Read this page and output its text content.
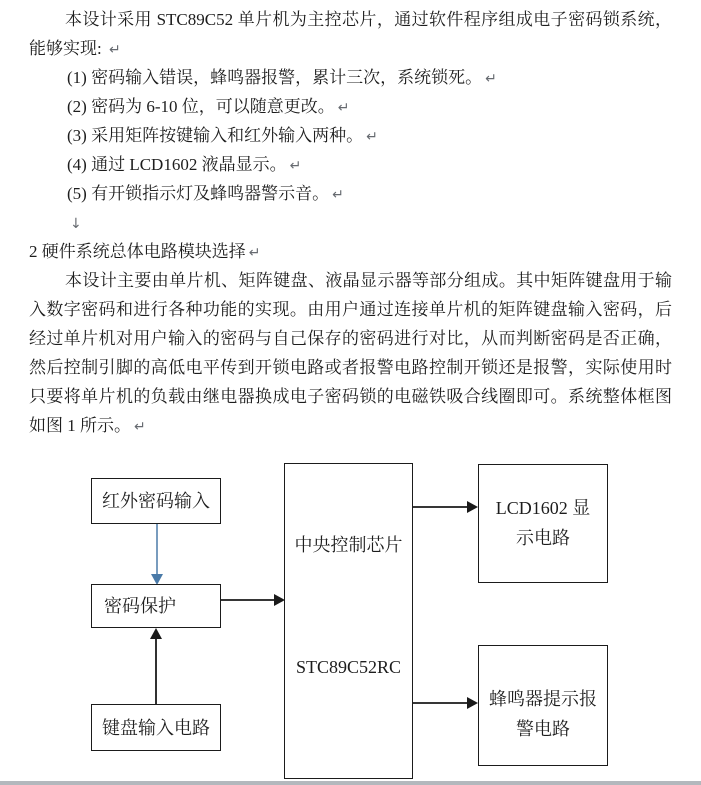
本设计采用 STC89C52 单片机为主控芯片，通过软件程序组成电子密码锁系统，
能够实现: ↵
(1) 密码输入错误，蜂鸣器报警，累计三次，系统锁死。 ↵
(2) 密码为 6-10 位，可以随意更改。 ↵
(3) 采用矩阵按键输入和红外输入两种。 ↵
(4) 通过 LCD1602 液晶显示。 ↵
(5) 有开锁指示灯及蜂鸣器警示音。 ↵
↓
2 硬件系统总体电路模块选择 ↵
本设计主要由单片机、矩阵键盘、液晶显示器等部分组成。其中矩阵键盘用于输
入数字密码和进行各种功能的实现。由用户通过连接单片机的矩阵键盘输入密码，后
经过单片机对用户输入的密码与自己保存的密码进行对比，从而判断密码是否正确，
然后控制引脚的高低电平传到开锁电路或者报警电路控制开锁还是报警，实际使用时
只要将单片机的负载由继电器换成电子密码锁的电磁铁吸合线圈即可。系统整体框图
如图 1 所示。 ↵
红外密码输入
密码保护
键盘输入电路
中央控制芯片
STC89C52RC
LCD1602 显
示电路
蜂鸣器提示报
警电路
